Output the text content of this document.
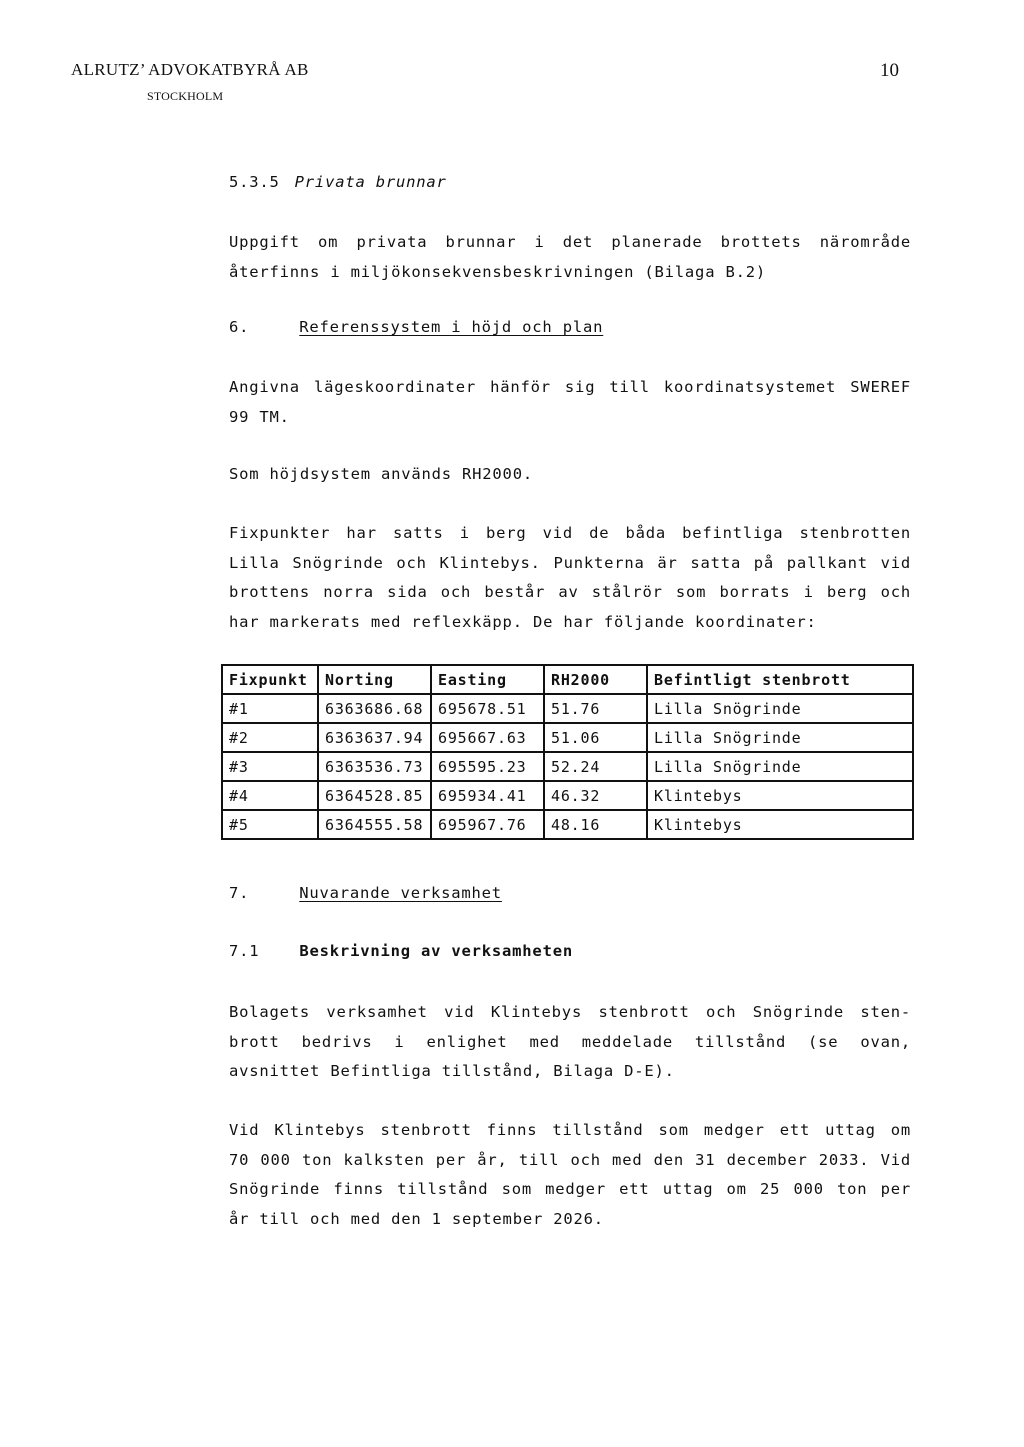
ALRUTZ’ ADVOKATBYRÅ AB
STOCKHOLM
10
5.3.5 Privata brunnar
Uppgift om privata brunnar i det planerade brottets närområde
återfinns i miljökonsekvensbeskrivningen (Bilaga B.2)
6.	Referenssystem i höjd och plan
Angivna lägeskoordinater hänför sig till koordinatsystemet SWEREF
99 TM.
Som höjdsystem används RH2000.
Fixpunkter har satts i berg vid de båda befintliga stenbrotten
Lilla Snögrinde och Klintebys. Punkterna är satta på pallkant vid
brottens norra sida och består av stålrör som borrats i berg och
har markerats med reflexkäpp. De har följande koordinater:
Fixpunkt	Norting	Easting	RH2000	Befintligt stenbrott
#1	6363686.68	695678.51	51.76	Lilla Snögrinde
#2	6363637.94	695667.63	51.06	Lilla Snögrinde
#3	6363536.73	695595.23	52.24	Lilla Snögrinde
#4	6364528.85	695934.41	46.32	Klintebys
#5	6364555.58	695967.76	48.16	Klintebys
7.	Nuvarande verksamhet
7.1	Beskrivning av verksamheten
Bolagets verksamhet vid Klintebys stenbrott och Snögrinde sten-
brott bedrivs i enlighet med meddelade tillstånd (se ovan,
avsnittet Befintliga tillstånd, Bilaga D-E).
Vid Klintebys stenbrott finns tillstånd som medger ett uttag om
70 000 ton kalksten per år, till och med den 31 december 2033. Vid
Snögrinde finns tillstånd som medger ett uttag om 25 000 ton per
år till och med den 1 september 2026.
